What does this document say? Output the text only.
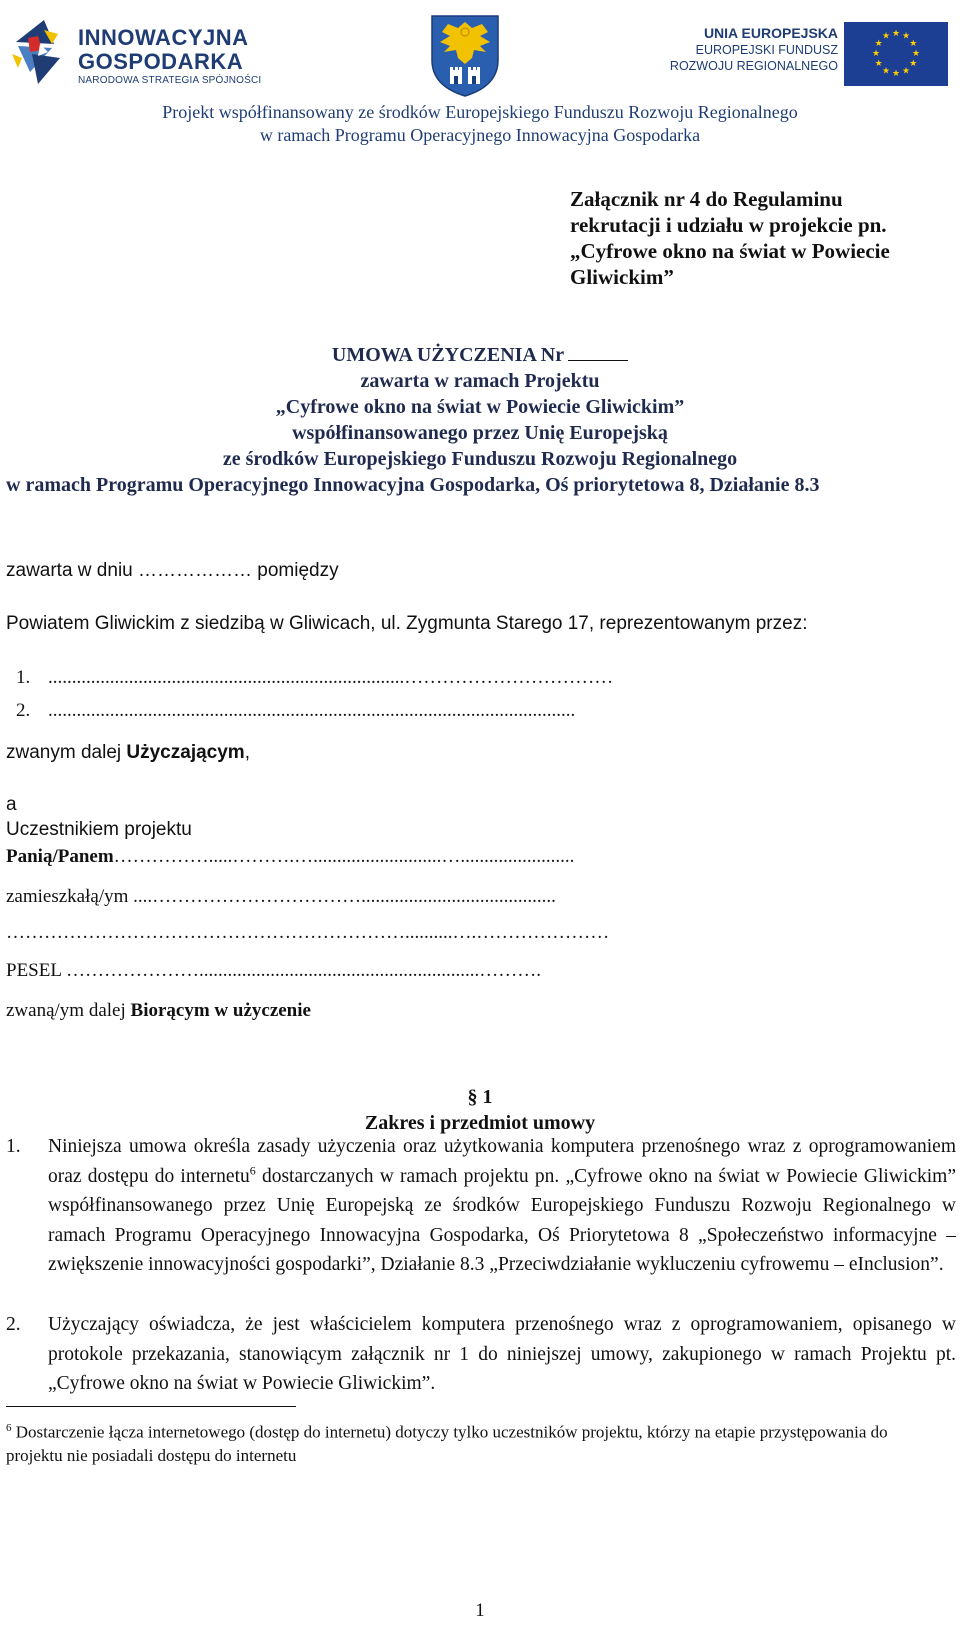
INNOWACYJNA
GOSPODARKA
NARODOWA STRATEGIA SPÓJNOŚCI
UNIA EUROPEJSKA
EUROPEJSKI FUNDUSZ
ROZWOJU REGIONALNEGO
★ ★
★
★
★
★
★
★
★
★
★
★
Projekt współfinansowany ze środków Europejskiego Funduszu Rozwoju Regionalnego
w ramach Programu Operacyjnego Innowacyjna Gospodarka
Załącznik nr 4 do Regulaminu
rekrutacji i udziału w projekcie pn.
„Cyfrowe okno na świat w Powiecie
Gliwickim”
UMOWA UŻYCZENIA Nr
zawarta w ramach Projektu
„Cyfrowe okno na świat w Powiecie Gliwickim”
współfinansowanego przez Unię Europejską
ze środków Europejskiego Funduszu Rozwoju Regionalnego
w ramach Programu Operacyjnego Innowacyjna Gospodarka, Oś priorytetowa 8, Działanie 8.3
zawarta w dniu ……………… pomiędzy
Powiatem Gliwickim z siedzibą w Gliwicach, ul. Zygmunta Starego 17, reprezentowanym przez:
1. ...........................................................................……………………………
2. ...............................................................................................................
zwanym dalej Użyczającym,
a
Uczestnikiem projektu
Panią/Panem…………….....……….…...........................…........................
zamieszkałą/ym ....…………………………….........................................
………………………………………………………..........….…………………
PESEL …………………...........................................................……….
zwaną/ym dalej Biorącym w użyczenie
§ 1
Zakres i przedmiot umowy
1. Niniejsza umowa określa zasady użyczenia oraz użytkowania komputera przenośnego wraz z oprogramowaniem oraz dostępu do internetu$^6$ dostarczanych w ramach projektu pn. „Cyfrowe okno na świat w Powiecie Gliwickim” współfinansowanego przez Unię Europejską ze środków Europejskiego Funduszu Rozwoju Regionalnego w ramach Programu Operacyjnego Innowacyjna Gospodarka, Oś Priorytetowa 8 „Społeczeństwo informacyjne – zwiększenie innowacyjności gospodarki”, Działanie 8.3 „Przeciwdziałanie wykluczeniu cyfrowemu – eInclusion”.
2. Użyczający oświadcza, że jest właścicielem komputera przenośnego wraz z oprogramowaniem, opisanego w protokole przekazania, stanowiącym załącznik nr 1 do niniejszej umowy, zakupionego w ramach Projektu pt. „Cyfrowe okno na świat w Powiecie Gliwickim”.
$^6$ Dostarczenie łącza internetowego (dostęp do internetu) dotyczy tylko uczestników projektu, którzy na etapie przystępowania do projektu nie posiadali dostępu do internetu
1
